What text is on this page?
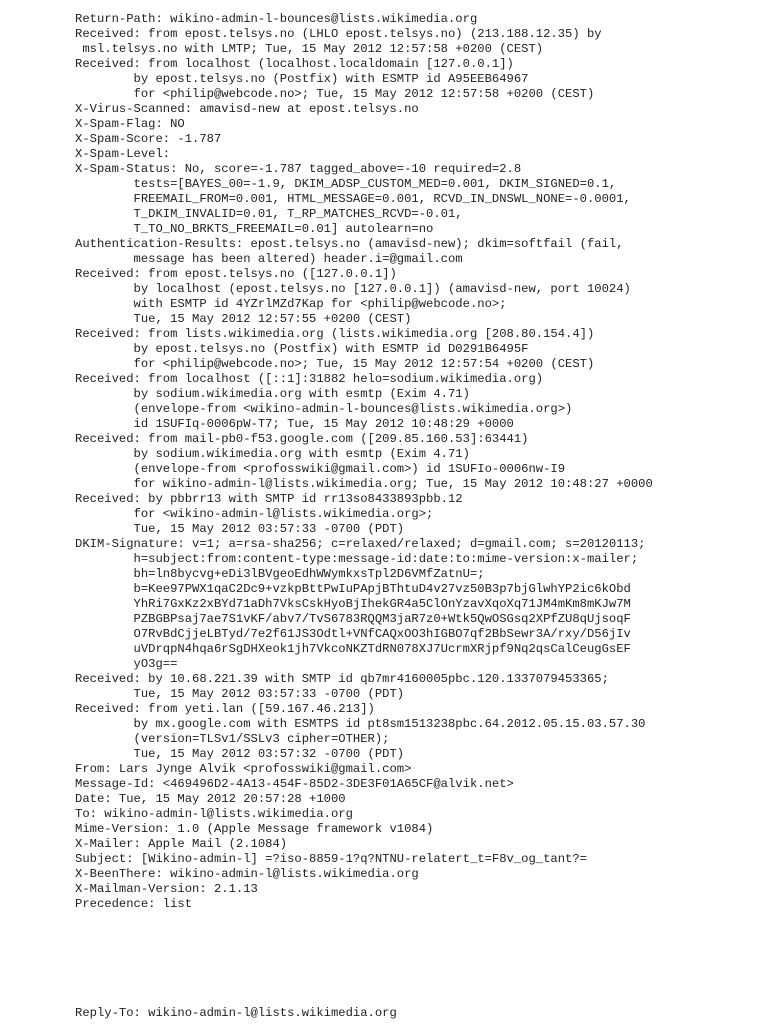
Return-Path: wikino-admin-l-bounces@lists.wikimedia.org
Received: from epost.telsys.no (LHLO epost.telsys.no) (213.188.12.35) by
msl.telsys.no with LMTP; Tue, 15 May 2012 12:57:58 +0200 (CEST)
Received: from localhost (localhost.localdomain [127.0.0.1])
by epost.telsys.no (Postfix) with ESMTP id A95EEB64967
for <philip@webcode.no>; Tue, 15 May 2012 12:57:58 +0200 (CEST)
X-Virus-Scanned: amavisd-new at epost.telsys.no
X-Spam-Flag: NO
X-Spam-Score: -1.787
X-Spam-Level:
X-Spam-Status: No, score=-1.787 tagged_above=-10 required=2.8
tests=[BAYES_00=-1.9, DKIM_ADSP_CUSTOM_MED=0.001, DKIM_SIGNED=0.1,
FREEMAIL_FROM=0.001, HTML_MESSAGE=0.001, RCVD_IN_DNSWL_NONE=-0.0001,
T_DKIM_INVALID=0.01, T_RP_MATCHES_RCVD=-0.01,
T_TO_NO_BRKTS_FREEMAIL=0.01] autolearn=no
Authentication-Results: epost.telsys.no (amavisd-new); dkim=softfail (fail,
message has been altered) header.i=@gmail.com
Received: from epost.telsys.no ([127.0.0.1])
by localhost (epost.telsys.no [127.0.0.1]) (amavisd-new, port 10024)
with ESMTP id 4YZrlMZd7Kap for <philip@webcode.no>;
Tue, 15 May 2012 12:57:55 +0200 (CEST)
Received: from lists.wikimedia.org (lists.wikimedia.org [208.80.154.4])
by epost.telsys.no (Postfix) with ESMTP id D0291B6495F
for <philip@webcode.no>; Tue, 15 May 2012 12:57:54 +0200 (CEST)
Received: from localhost ([::1]:31882 helo=sodium.wikimedia.org)
by sodium.wikimedia.org with esmtp (Exim 4.71)
(envelope-from <wikino-admin-l-bounces@lists.wikimedia.org>)
id 1SUFIq-0006pW-T7; Tue, 15 May 2012 10:48:29 +0000
Received: from mail-pb0-f53.google.com ([209.85.160.53]:63441)
by sodium.wikimedia.org with esmtp (Exim 4.71)
(envelope-from <profosswiki@gmail.com>) id 1SUFIo-0006nw-I9
for wikino-admin-l@lists.wikimedia.org; Tue, 15 May 2012 10:48:27 +0000
Received: by pbbrr13 with SMTP id rr13so8433893pbb.12
for <wikino-admin-l@lists.wikimedia.org>;
Tue, 15 May 2012 03:57:33 -0700 (PDT)
DKIM-Signature: v=1; a=rsa-sha256; c=relaxed/relaxed; d=gmail.com; s=20120113;
h=subject:from:content-type:message-id:date:to:mime-version:x-mailer;
bh=ln8bycvg+eDi3lBVgeoEdhWWymkxsTpl2D6VMfZatnU=;
b=Kee97PWX1qaC2Dc9+vzkpBttPwIuPApjBThtuD4v27vz50B3p7bjGlwhYP2ic6kObd
YhRi7GxKz2xBYd71aDh7VksCskHyoBjIhekGR4a5ClOnYzavXqoXq71JM4mKm8mKJw7M
PZBGBPsaj7ae7S1vKF/abv7/TvS6783RQQM3jaR7z0+Wtk5QwOSGsq2XPfZU8qUjsoqF
O7RvBdCjjeLBTyd/7e2f61JS3Odtl+VNfCAQxOO3hIGBO7qf2BbSewr3A/rxy/D56jIv
uVDrqpN4hqa6rSgDHXeok1jh7VkcoNKZTdRN078XJ7UcrmXRjpf9Nq2qsCalCeugGsEF
yO3g==
Received: by 10.68.221.39 with SMTP id qb7mr4160005pbc.120.1337079453365;
Tue, 15 May 2012 03:57:33 -0700 (PDT)
Received: from yeti.lan ([59.167.46.213])
by mx.google.com with ESMTPS id pt8sm1513238pbc.64.2012.05.15.03.57.30
(version=TLSv1/SSLv3 cipher=OTHER);
Tue, 15 May 2012 03:57:32 -0700 (PDT)
From: Lars Jynge Alvik <profosswiki@gmail.com>
Message-Id: <469496D2-4A13-454F-85D2-3DE3F01A65CF@alvik.net>
Date: Tue, 15 May 2012 20:57:28 +1000
To: wikino-admin-l@lists.wikimedia.org
Mime-Version: 1.0 (Apple Message framework v1084)
X-Mailer: Apple Mail (2.1084)
Subject: [Wikino-admin-l] =?iso-8859-1?q?NTNU-relatert_t=F8v_og_tant?=
X-BeenThere: wikino-admin-l@lists.wikimedia.org
X-Mailman-Version: 2.1.13
Precedence: list
Reply-To: wikino-admin-l@lists.wikimedia.org
